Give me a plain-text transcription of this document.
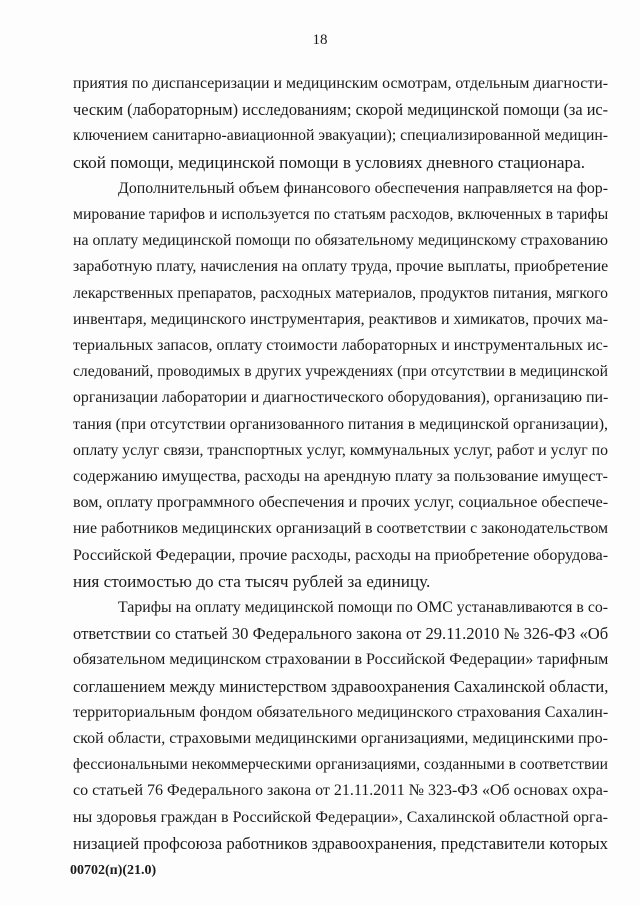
18
приятия по диспансеризации и медицинским осмотрам, отдельным диагности-
ческим (лабораторным) исследованиям; скорой медицинской помощи (за ис-
ключением санитарно-авиационной эвакуации); специализированной медицин-
ской помощи, медицинской помощи в условиях дневного стационара.
Дополнительный объем финансового обеспечения направляется на фор-
мирование тарифов и используется по статьям расходов, включенных в тарифы
на оплату медицинской помощи по обязательному медицинскому страхованию
заработную плату, начисления на оплату труда, прочие выплаты, приобретение
лекарственных препаратов, расходных материалов, продуктов питания, мягкого
инвентаря, медицинского инструментария, реактивов и химикатов, прочих ма-
териальных запасов, оплату стоимости лабораторных и инструментальных ис-
следований, проводимых в других учреждениях (при отсутствии в медицинской
организации лаборатории и диагностического оборудования), организацию пи-
тания (при отсутствии организованного питания в медицинской организации),
оплату услуг связи, транспортных услуг, коммунальных услуг, работ и услуг по
содержанию имущества, расходы на арендную плату за пользование имущест-
вом, оплату программного обеспечения и прочих услуг, социальное обеспече-
ние работников медицинских организаций в соответствии с законодательством
Российской Федерации, прочие расходы, расходы на приобретение оборудова-
ния стоимостью до ста тысяч рублей за единицу.
Тарифы на оплату медицинской помощи по ОМС устанавливаются в со-
ответствии со статьей 30 Федерального закона от 29.11.2010 № 326-ФЗ «Об
обязательном медицинском страховании в Российской Федерации» тарифным
соглашением между министерством здравоохранения Сахалинской области,
территориальным фондом обязательного медицинского страхования Сахалин-
ской области, страховыми медицинскими организациями, медицинскими про-
фессиональными некоммерческими организациями, созданными в соответствии
со статьей 76 Федерального закона от 21.11.2011 № 323-ФЗ «Об основах охра-
ны здоровья граждан в Российской Федерации», Сахалинской областной орга-
низацией профсоюза работников здравоохранения, представители которых
00702(п)(21.0)
